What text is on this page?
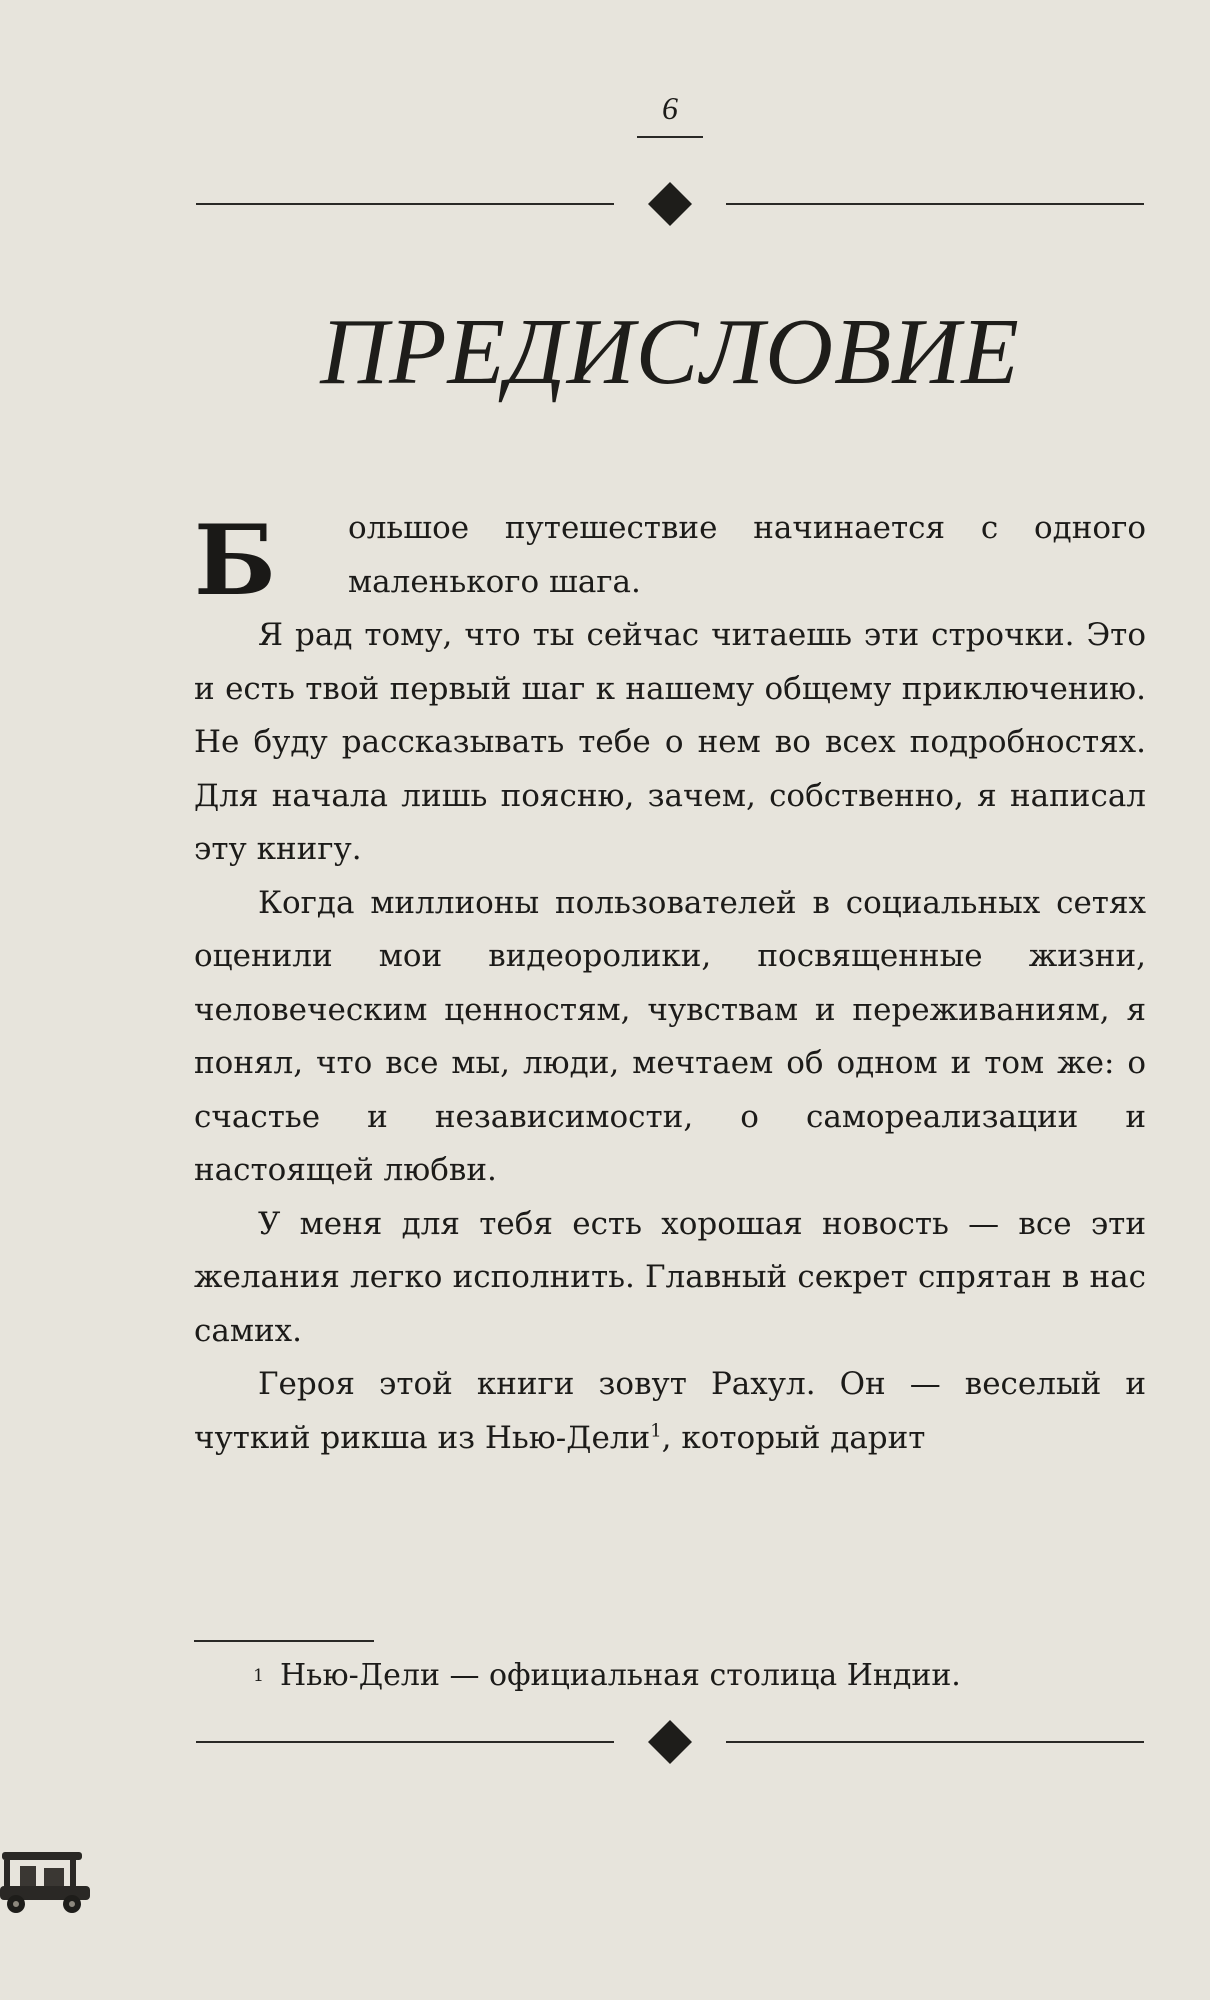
6
ПРЕДИСЛОВИЕ

Б ольшое путешествие начинается с одного маленького шага.

Я рад тому, что ты сейчас читаешь эти строчки. Это и есть твой первый шаг к нашему общему приключению. Не буду рассказывать тебе о нем во всех подробностях. Для начала лишь поясню, зачем, собственно, я написал эту книгу.

Когда миллионы пользователей в социальных сетях оценили мои видеоролики, посвященные жизни, человеческим ценностям, чувствам и переживаниям, я понял, что все мы, люди, мечтаем об одном и том же: о счастье и независимости, о самореализации и настоящей любви.

У меня для тебя есть хорошая новость — все эти желания легко исполнить. Главный секрет спрятан в нас самих.

Героя этой книги зовут Рахул. Он — веселый и чуткий рикша из Нью-Дели$^1$, который дарит

1 Нью-Дели — официальная столица Индии.
